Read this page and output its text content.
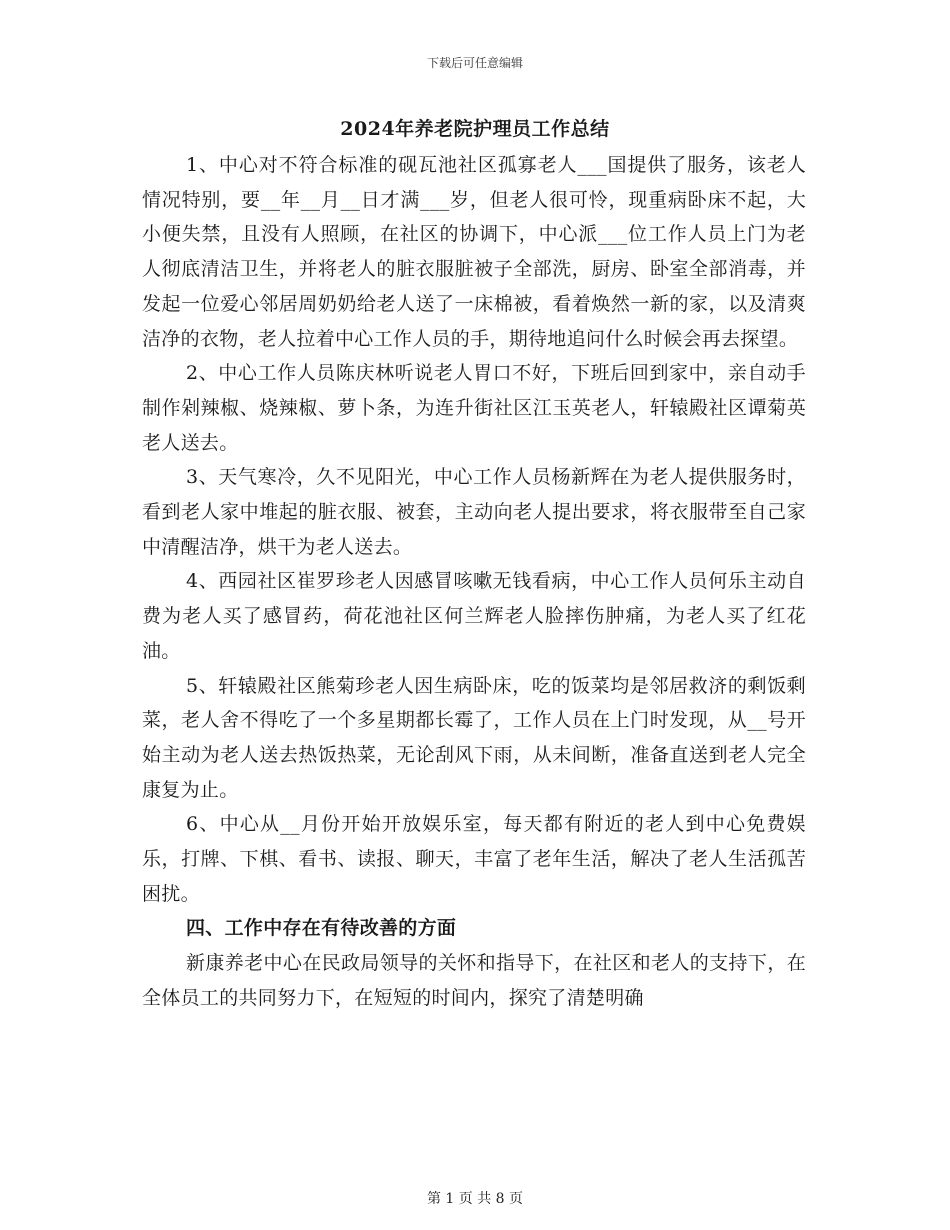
下载后可任意编辑
2024年养老院护理员工作总结

1、中心对不符合标准的砚瓦池社区孤寡老人___国提供了服务，该老人情况特别，要__年__月__日才满___岁，但老人很可怜，现重病卧床不起，大小便失禁，且没有人照顾，在社区的协调下，中心派___位工作人员上门为老人彻底清洁卫生，并将老人的脏衣服脏被子全部洗，厨房、卧室全部消毒，并发起一位爱心邻居周奶奶给老人送了一床棉被，看着焕然一新的家，以及清爽洁净的衣物，老人拉着中心工作人员的手，期待地追问什么时候会再去探望。

2、中心工作人员陈庆林听说老人胃口不好，下班后回到家中，亲自动手制作剁辣椒、烧辣椒、萝卜条，为连升街社区江玉英老人，轩辕殿社区谭菊英老人送去。

3、天气寒冷，久不见阳光，中心工作人员杨新辉在为老人提供服务时，看到老人家中堆起的脏衣服、被套，主动向老人提出要求，将衣服带至自己家中清醒洁净，烘干为老人送去。

4、西园社区崔罗珍老人因感冒咳嗽无钱看病，中心工作人员何乐主动自费为老人买了感冒药，荷花池社区何兰辉老人脸摔伤肿痛，为老人买了红花油。

5、轩辕殿社区熊菊珍老人因生病卧床，吃的饭菜均是邻居救济的剩饭剩菜，老人舍不得吃了一个多星期都长霉了，工作人员在上门时发现，从__号开始主动为老人送去热饭热菜，无论刮风下雨，从未间断，准备直送到老人完全康复为止。

6、中心从__月份开始开放娱乐室，每天都有附近的老人到中心免费娱乐，打牌、下棋、看书、读报、聊天，丰富了老年生活，解决了老人生活孤苦困扰。

四、工作中存在有待改善的方面

新康养老中心在民政局领导的关怀和指导下，在社区和老人的支持下，在全体员工的共同努力下，在短短的时间内，探究了清楚明确

第 1 页 共 8 页
